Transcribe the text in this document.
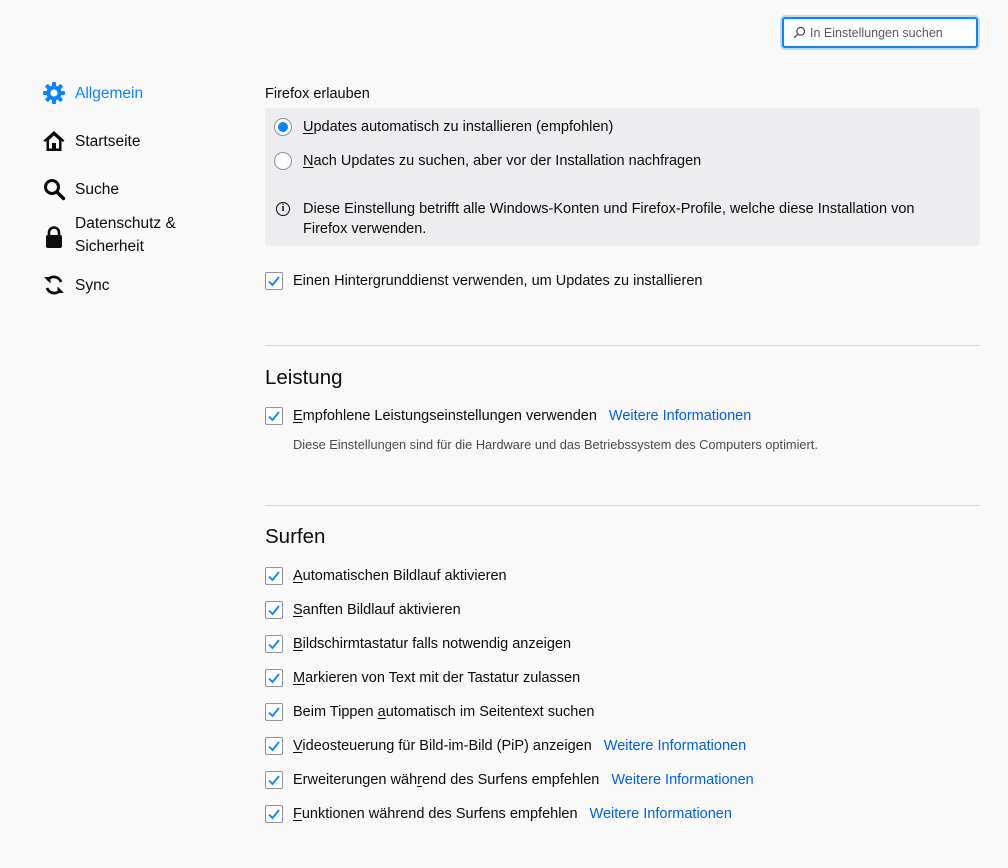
In Einstellungen suchen
Allgemein
Startseite
Suche
Datenschutz &
Sicherheit
Sync
Firefox erlauben
Updates automatisch zu installieren (empfohlen)
Nach Updates zu suchen, aber vor der Installation nachfragen
i	Diese Einstellung betrifft alle Windows-Konten und Firefox-Profile, welche diese Installation von
Firefox verwenden.
Einen Hintergrunddienst verwenden, um Updates zu installieren
Leistung
Empfohlene Leistungseinstellungen verwenden Weitere Informationen
Diese Einstellungen sind für die Hardware und das Betriebssystem des Computers optimiert.
Surfen
Automatischen Bildlauf aktivieren
Sanften Bildlauf aktivieren
Bildschirmtastatur falls notwendig anzeigen
Markieren von Text mit der Tastatur zulassen
Beim Tippen automatisch im Seitentext suchen
Videosteuerung für Bild-im-Bild (PiP) anzeigen Weitere Informationen
Erweiterungen während des Surfens empfehlen Weitere Informationen
Funktionen während des Surfens empfehlen Weitere Informationen
